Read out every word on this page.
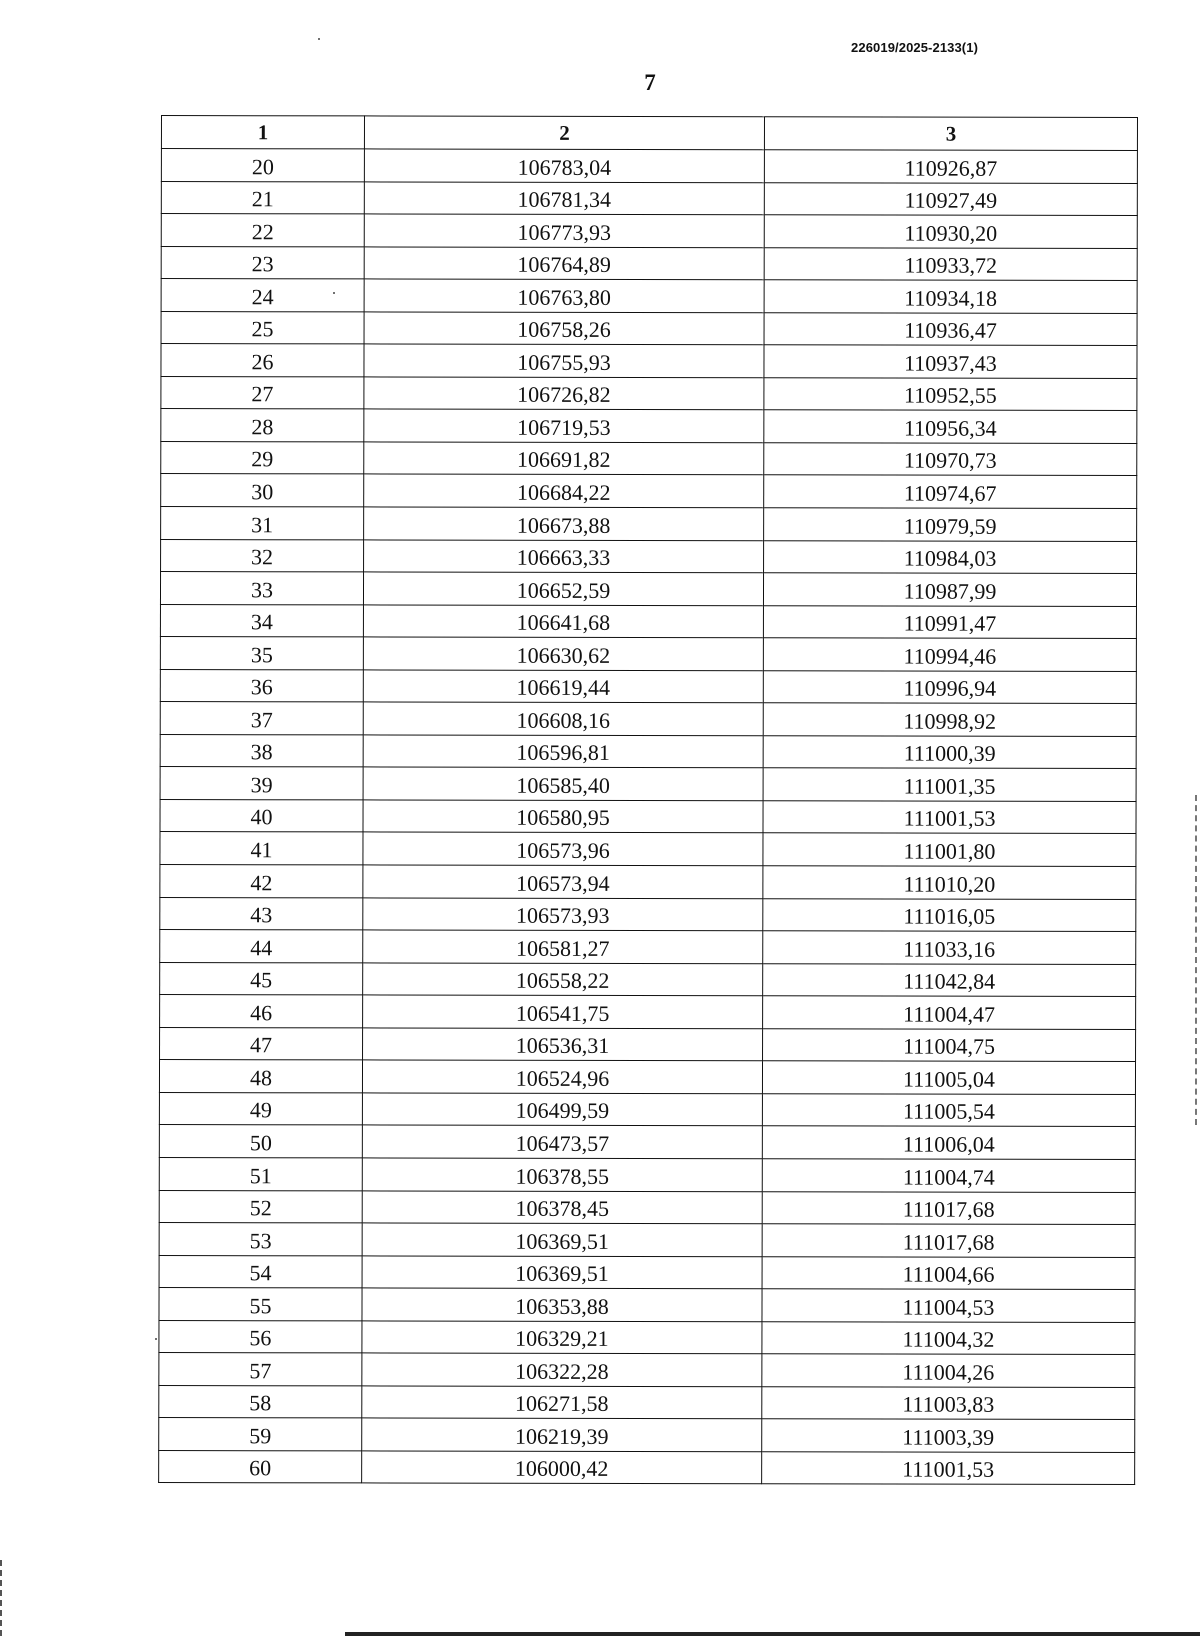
226019/2025-2133(1)
7
1	2	3
20	106783,04	110926,87
21	106781,34	110927,49
22	106773,93	110930,20
23	106764,89	110933,72
24	106763,80	110934,18
25	106758,26	110936,47
26	106755,93	110937,43
27	106726,82	110952,55
28	106719,53	110956,34
29	106691,82	110970,73
30	106684,22	110974,67
31	106673,88	110979,59
32	106663,33	110984,03
33	106652,59	110987,99
34	106641,68	110991,47
35	106630,62	110994,46
36	106619,44	110996,94
37	106608,16	110998,92
38	106596,81	111000,39
39	106585,40	111001,35
40	106580,95	111001,53
41	106573,96	111001,80
42	106573,94	111010,20
43	106573,93	111016,05
44	106581,27	111033,16
45	106558,22	111042,84
46	106541,75	111004,47
47	106536,31	111004,75
48	106524,96	111005,04
49	106499,59	111005,54
50	106473,57	111006,04
51	106378,55	111004,74
52	106378,45	111017,68
53	106369,51	111017,68
54	106369,51	111004,66
55	106353,88	111004,53
56	106329,21	111004,32
57	106322,28	111004,26
58	106271,58	111003,83
59	106219,39	111003,39
60	106000,42	111001,53
